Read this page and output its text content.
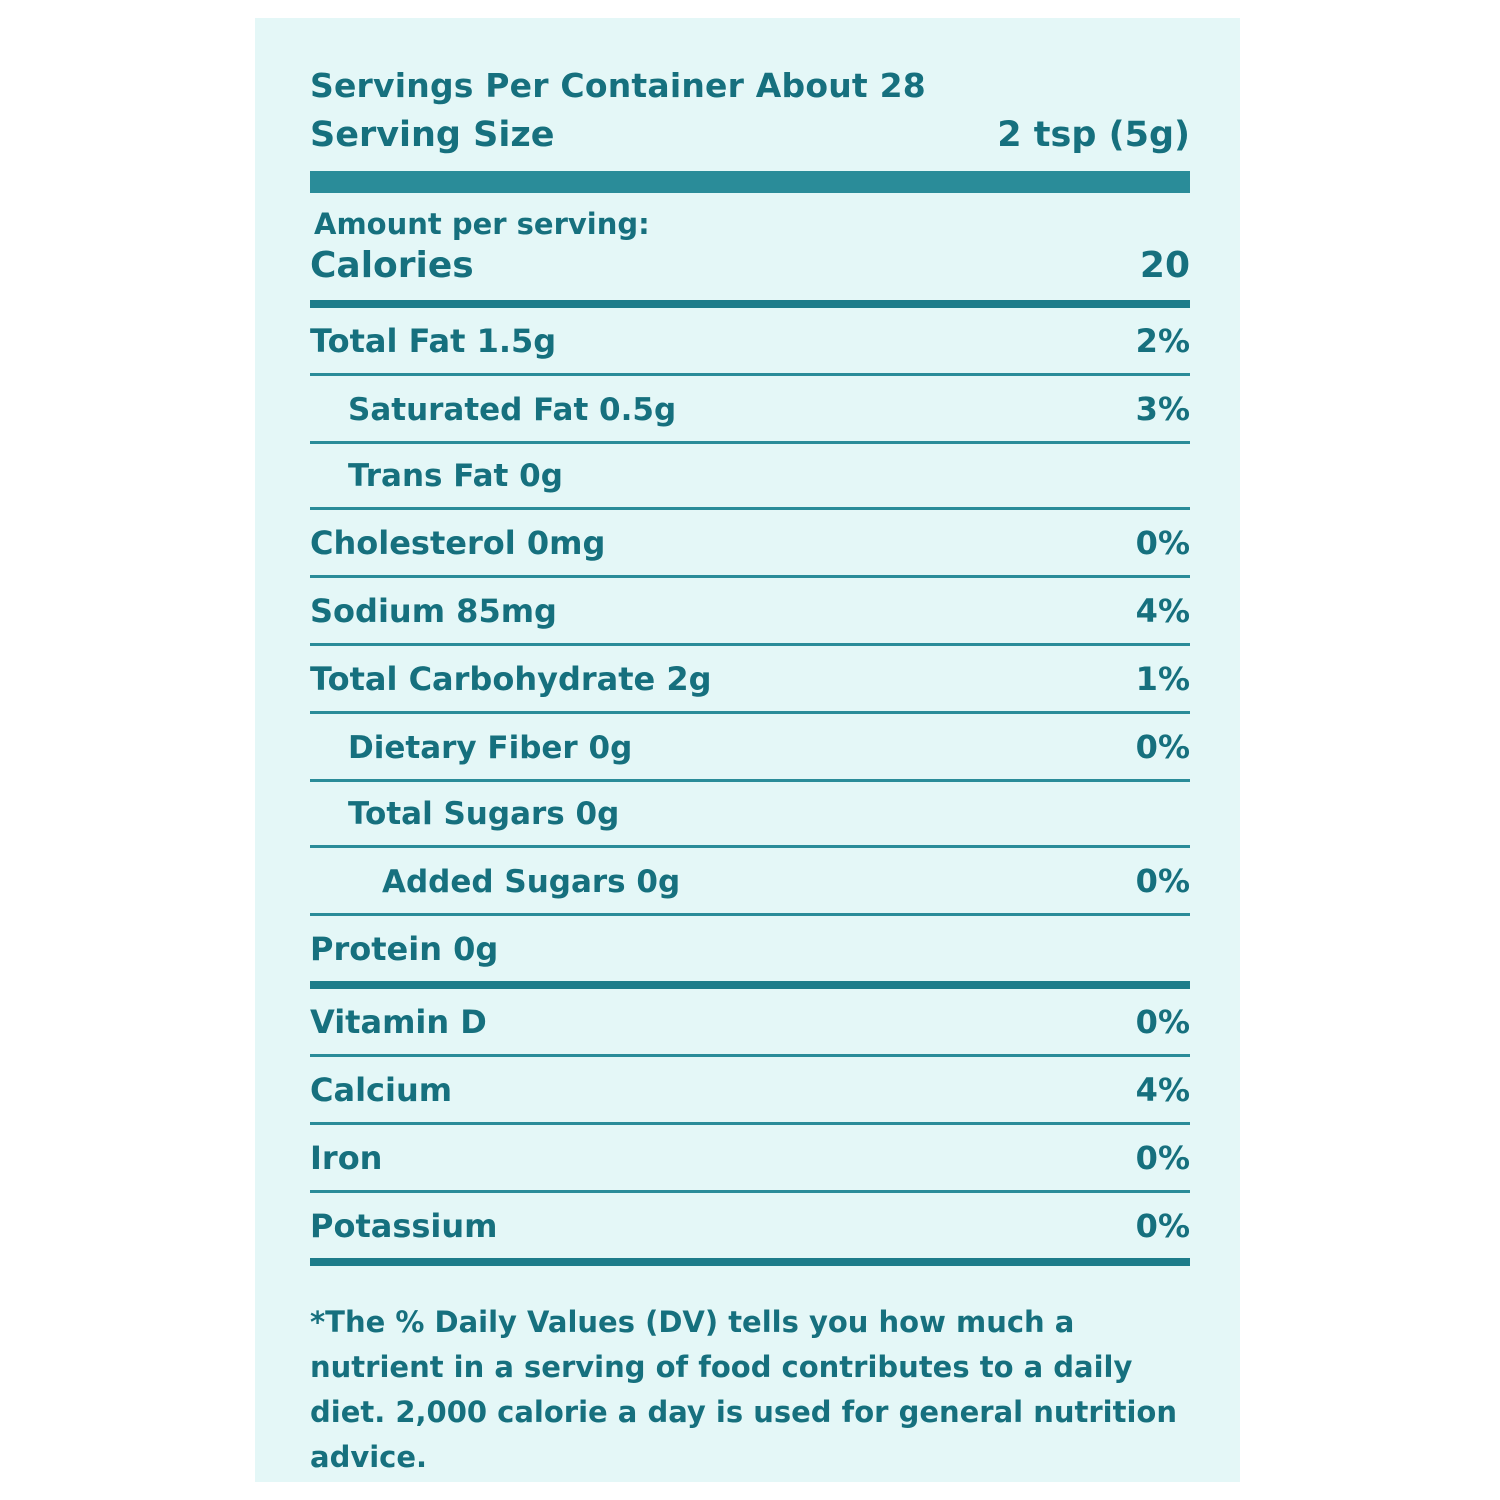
Servings Per Container About 28
Serving Size	2 tsp (5g)
Amount per serving:
Calories	20
Total Fat 1.5g	2%
Saturated Fat 0.5g	3%
Trans Fat 0g
Cholesterol 0mg	0%
Sodium 85mg	4%
Total Carbohydrate 2g	1%
Dietary Fiber 0g	0%
Total Sugars 0g
Added Sugars 0g	0%
Protein 0g
Vitamin D	0%
Calcium	4%
Iron	0%
Potassium	0%
*The % Daily Values (DV) tells you how much a nutrient in a serving of food contributes to a daily diet. 2,000 calorie a day is used for general nutrition advice.
